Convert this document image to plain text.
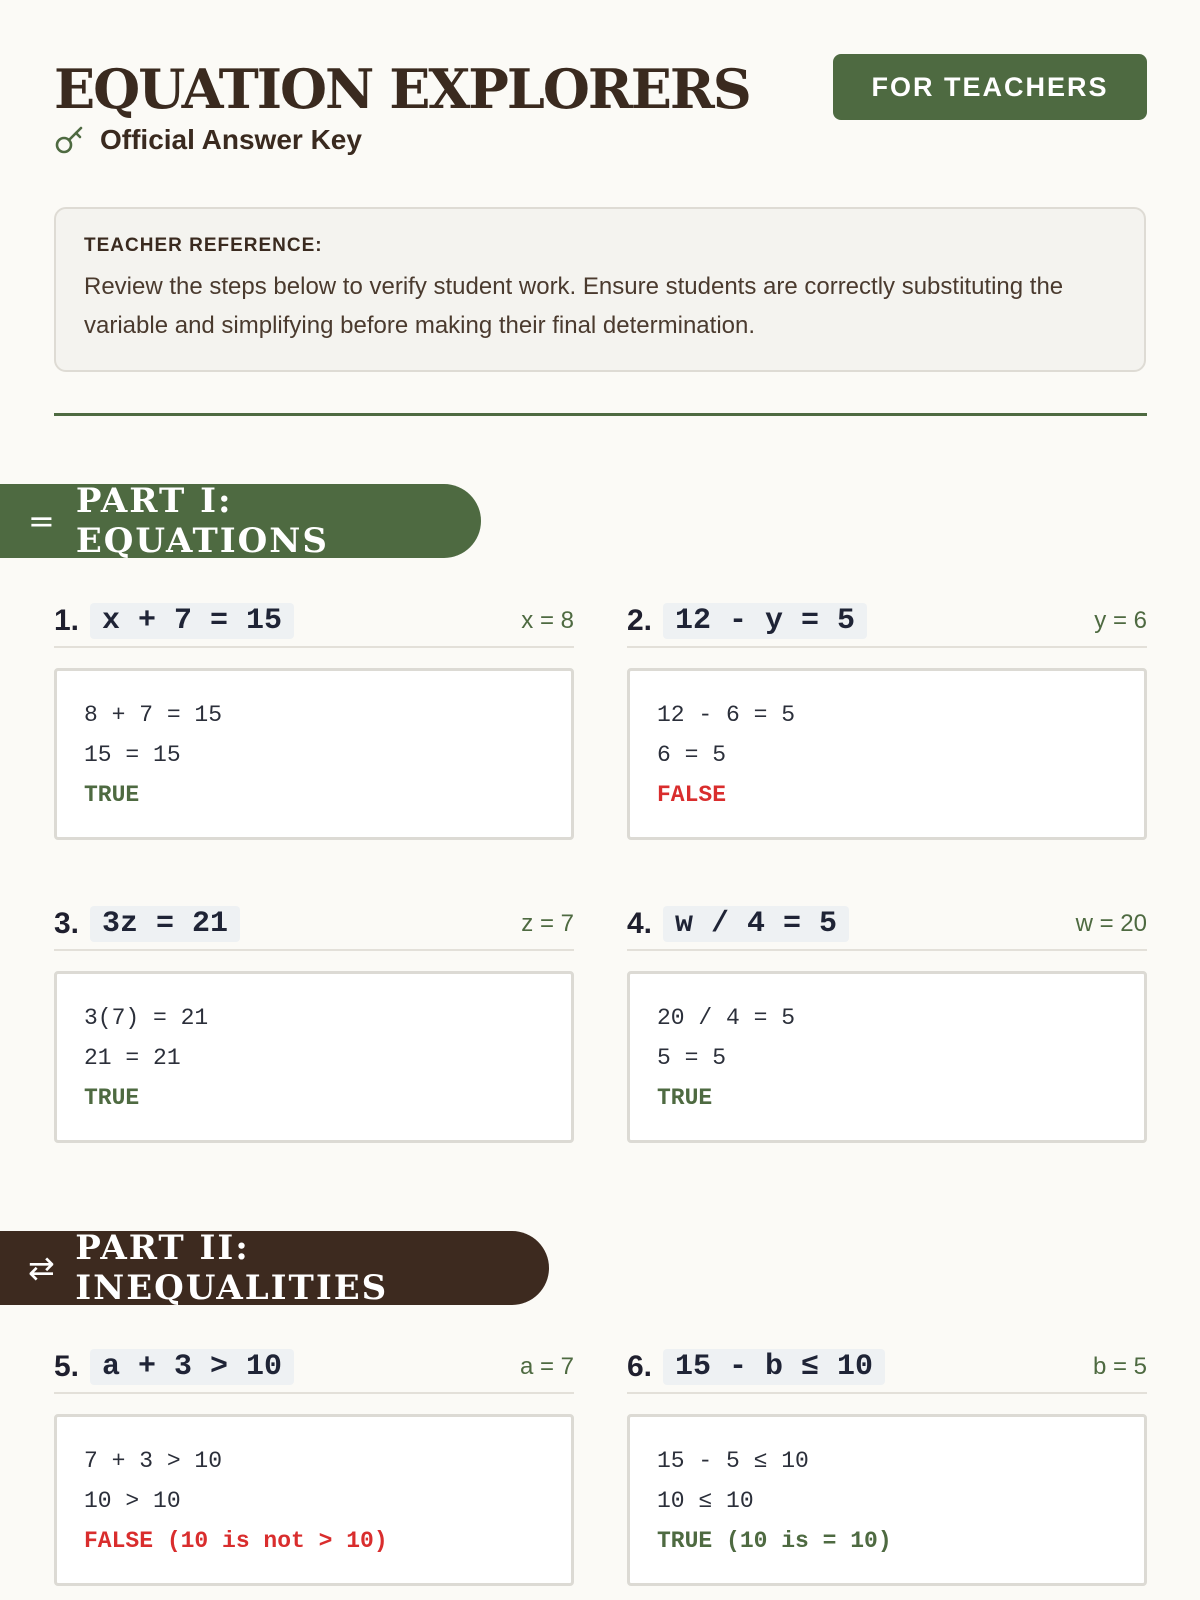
EQUATION EXPLORERS
Official Answer Key
FOR TEACHERS
TEACHER REFERENCE:
Review the steps below to verify student work. Ensure students are correctly substituting the variable and simplifying before making their final determination.
= PART I: EQUATIONS
⇄ PART II: INEQUALITIES
1. x + 7 = 15	x = 8
8 + 7 = 15
15 = 15
TRUE
2. 12 - y = 5	y = 6
12 - 6 = 5
6 = 5
FALSE
3. 3z = 21	z = 7
3(7) = 21
21 = 21
TRUE
4. w / 4 = 5	w = 20
20 / 4 = 5
5 = 5
TRUE
5. a + 3 > 10	a = 7
7 + 3 > 10
10 > 10
FALSE (10 is not > 10)
6. 15 - b ≤ 10	b = 5
15 - 5 ≤ 10
10 ≤ 10
TRUE (10 is = 10)
